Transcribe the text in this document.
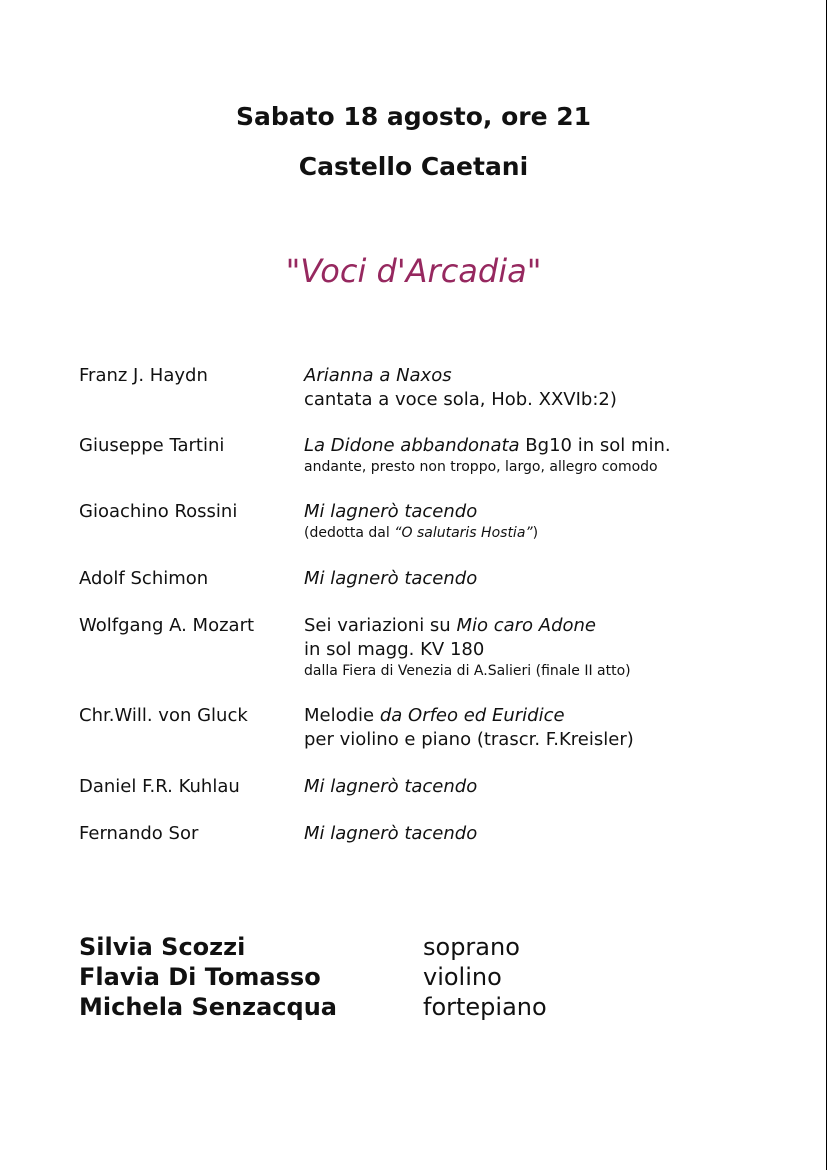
Sabato 18 agosto, ore 21
Castello Caetani
"Voci d'Arcadia"
Franz J. Haydn	Arianna a Naxos
cantata a voce sola, Hob. XXVIb:2)
Giuseppe Tartini	La Didone abbandonata Bg10 in sol min.
andante, presto non troppo, largo, allegro comodo
Gioachino Rossini	Mi lagnerò tacendo
(dedotta dal “O salutaris Hostia”)
Adolf Schimon	Mi lagnerò tacendo
Wolfgang A. Mozart	Sei variazioni su Mio caro Adone
in sol magg. KV 180
dalla Fiera di Venezia di A.Salieri (finale II atto)
Chr.Will. von Gluck	Melodie da Orfeo ed Euridice
per violino e piano (trascr. F.Kreisler)
Daniel F.R. Kuhlau	Mi lagnerò tacendo
Fernando Sor	Mi lagnerò tacendo
Silvia Scozzi	soprano
Flavia Di Tomasso	violino
Michela Senzacqua	fortepiano
